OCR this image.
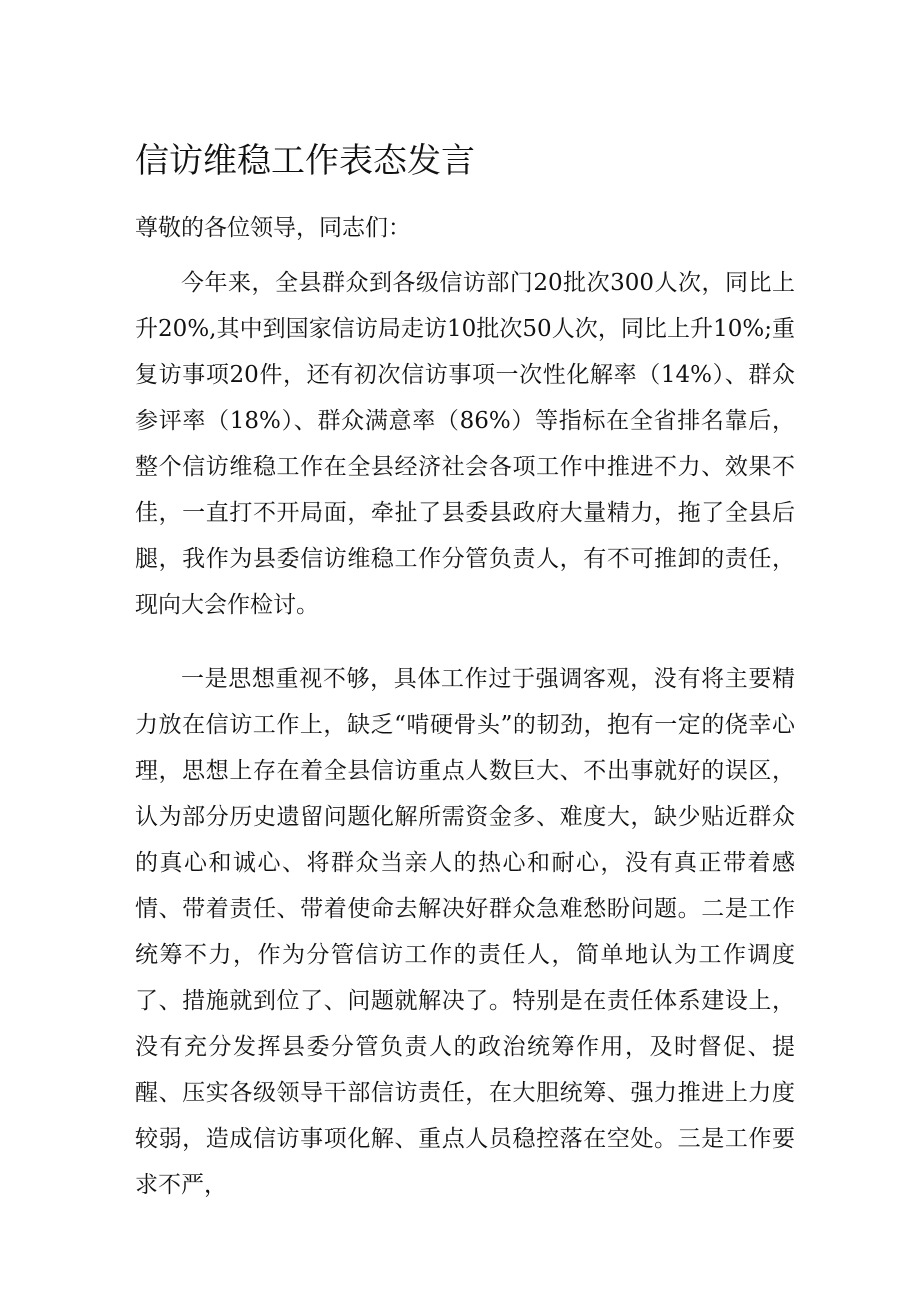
信访维稳工作表态发言

尊敬的各位领导，同志们：

今年来，全县群众到各级信访部门20批次300人次，同比上升20%,其中到国家信访局走访10批次50人次，同比上升10%;重复访事项20件，还有初次信访事项一次性化解率（14%）、群众参评率（18%）、群众满意率（86%）等指标在全省排名靠后，整个信访维稳工作在全县经济社会各项工作中推进不力、效果不佳，一直打不开局面，牵扯了县委县政府大量精力，拖了全县后腿，我作为县委信访维稳工作分管负责人，有不可推卸的责任，现向大会作检讨。

一是思想重视不够，具体工作过于强调客观，没有将主要精力放在信访工作上，缺乏“啃硬骨头”的韧劲，抱有一定的侥幸心理，思想上存在着全县信访重点人数巨大、不出事就好的误区，认为部分历史遗留问题化解所需资金多、难度大，缺少贴近群众的真心和诚心、将群众当亲人的热心和耐心，没有真正带着感情、带着责任、带着使命去解决好群众急难愁盼问题。二是工作统筹不力，作为分管信访工作的责任人，简单地认为工作调度了、措施就到位了、问题就解决了。特别是在责任体系建设上，没有充分发挥县委分管负责人的政治统筹作用，及时督促、提醒、压实各级领导干部信访责任，在大胆统筹、强力推进上力度较弱，造成信访事项化解、重点人员稳控落在空处。三是工作要求不严，
